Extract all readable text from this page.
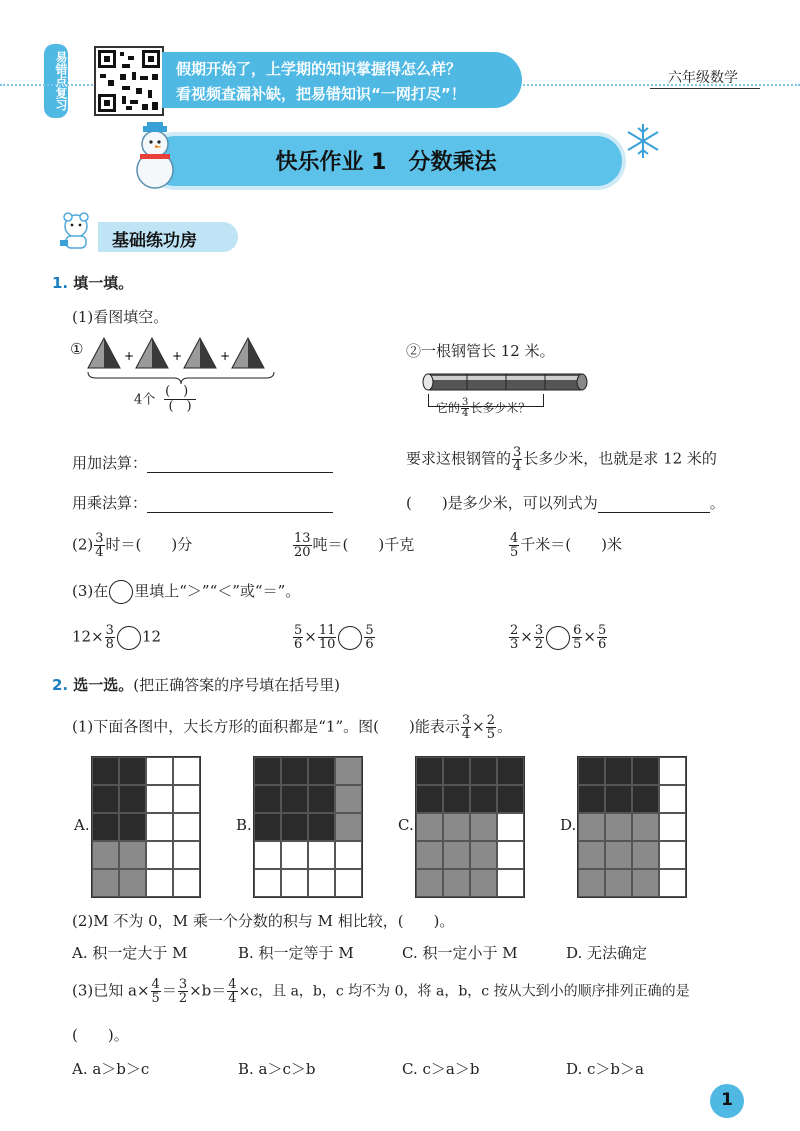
易错点复习	假期开始了，上学期的知识掌握得怎么样？
看视频查漏补缺，把易错知识“一网打尽”！
六年级数学
快乐作业 1　分数乘法
基础练功房
1. 填一填。
(1)看图填空。
①	+	+	+
4个 $\frac{( )}{( )}$
②一根钢管长 12 米。
它的 $\frac{3}{4}$ 长多少米？
用加法算：
用乘法算：
要求这根钢管的 $\frac{3}{4}$ 长多少米，也就是求 12 米的
(　　)是多少米，可以列式为	。
$(2) \frac{3}{4}$ 时＝(　　)分	$\frac{13}{20}$ 吨＝(　　)千克	$\frac{4}{5}$ 千米＝(　　)米
(3)在 里填上“＞”“＜”或“＝”。
$12\times \frac{3}{8} 12$	$\frac{5}{6} \times \frac{11}{10} \frac{5}{6}$	$\frac{2}{3} \times \frac{3}{2} \frac{6}{5} \times \frac{5}{6}$
2. 选一选。(把正确答案的序号填在括号里)
(1)下面各图中，大长方形的面积都是“1”。图(　　)能表示 $\frac{3}{4} \times \frac{2}{5}$ 。
A.	B.	C.	D.
(2)M 不为 0，M 乘一个分数的积与 M 相比较，(　　)。
A. 积一定大于 M	B. 积一定等于 M	C. 积一定小于 M	D. 无法确定
(3)已知 $a\times \frac{4}{5} = \frac{3}{2} \times b= \frac{4}{4} \times c$，且 a，b，c 均不为 0，将 a，b，c 按从大到小的顺序排列正确的是
(　　)。
A. a＞b＞c	B. a＞c＞b	C. c＞a＞b	D. c＞b＞a
1
